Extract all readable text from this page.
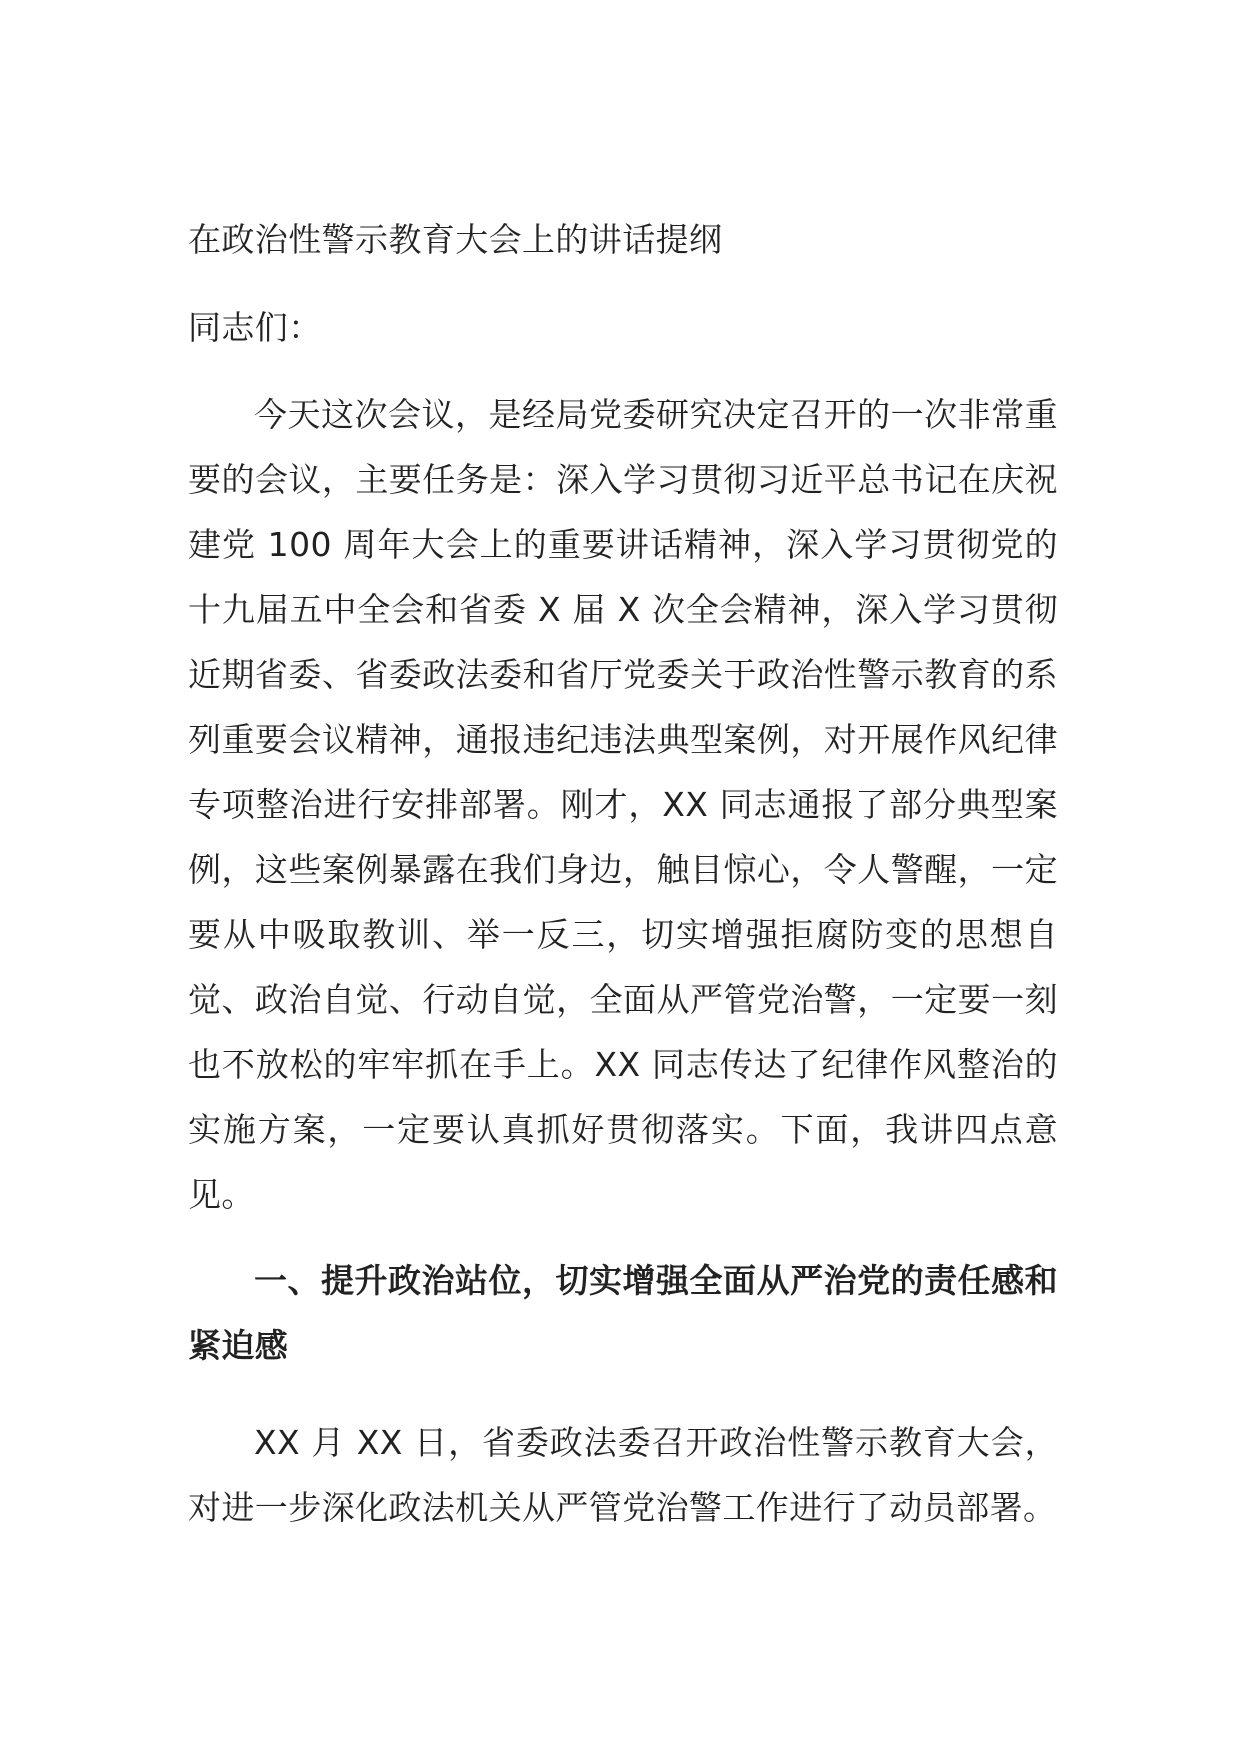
在政治性警示教育大会上的讲话提纲

同志们：

今天这次会议，是经局党委研究决定召开的一次非常重要的会议，主要任务是：深入学习贯彻习近平总书记在庆祝建党 100 周年大会上的重要讲话精神，深入学习贯彻党的十九届五中全会和省委 X 届 X 次全会精神，深入学习贯彻近期省委、省委政法委和省厅党委关于政治性警示教育的系列重要会议精神，通报违纪违法典型案例，对开展作风纪律专项整治进行安排部署。刚才，XX 同志通报了部分典型案例，这些案例暴露在我们身边，触目惊心，令人警醒，一定要从中吸取教训、举一反三，切实增强拒腐防变的思想自觉、政治自觉、行动自觉，全面从严管党治警，一定要一刻也不放松的牢牢抓在手上。XX 同志传达了纪律作风整治的实施方案，一定要认真抓好贯彻落实。下面，我讲四点意见。

一、提升政治站位，切实增强全面从严治党的责任感和紧迫感

XX 月 XX 日，省委政法委召开政治性警示教育大会，对进一步深化政法机关从严管党治警工作进行了动员部署。
